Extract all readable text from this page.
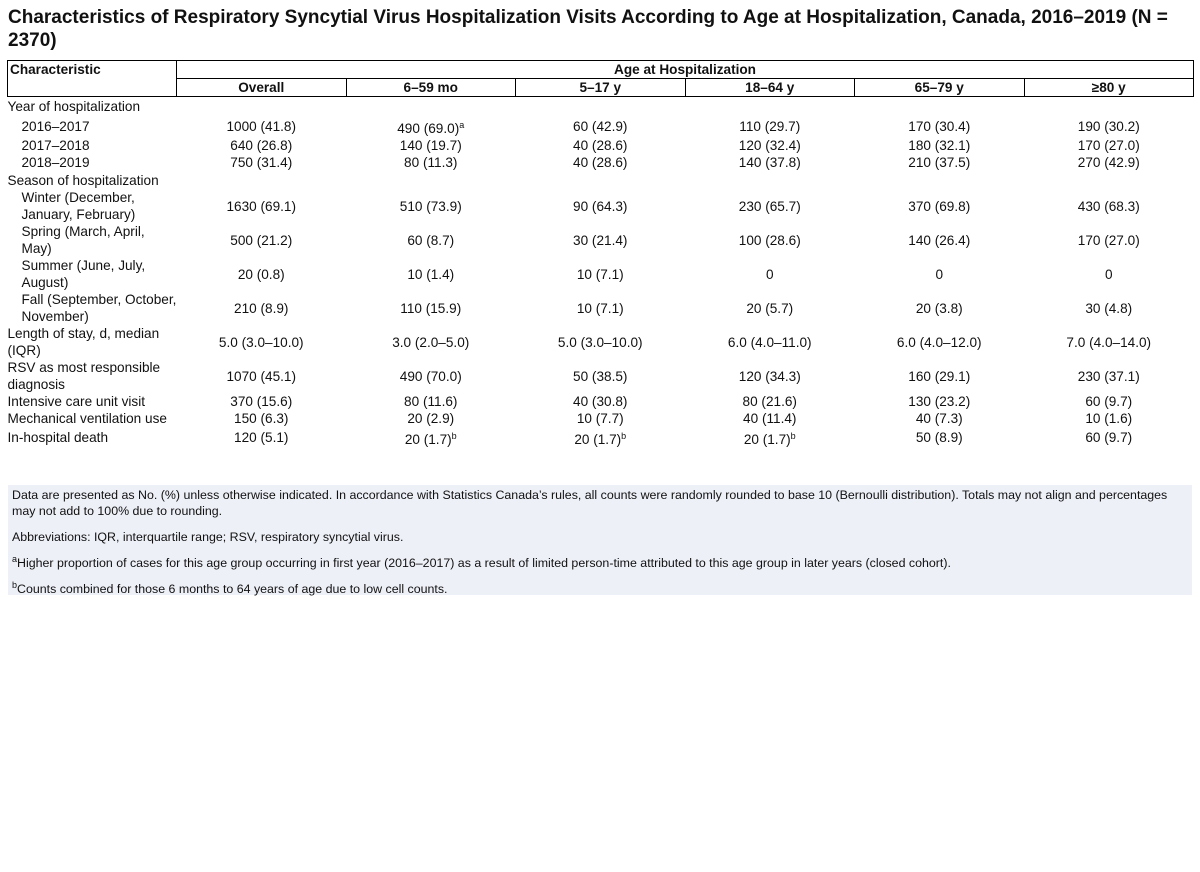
Characteristics of Respiratory Syncytial Virus Hospitalization Visits According to Age at Hospitalization, Canada, 2016–2019 (N = 2370)
Characteristic	Age at Hospitalization					
	Overall	6–59 mo	5–17 y	18–64 y	65–79 y	≥80 y
Year of hospitalization						
2016–2017	1000 (41.8)	490 $(69.0)^a$	60 (42.9)	110 (29.7)	170 (30.4)	190 (30.2)
2017–2018	640 (26.8)	140 (19.7)	40 (28.6)	120 (32.4)	180 (32.1)	170 (27.0)
2018–2019	750 (31.4)	80 (11.3)	40 (28.6)	140 (37.8)	210 (37.5)	270 (42.9)
Season of hospitalization						

Winter (December, January, February)	1630 (69.1)	510 (73.9)	90 (64.3)	230 (65.7)	370 (69.8)	430 (68.3)

Spring (March, April, May)	500 (21.2)	60 (8.7)	30 (21.4)	100 (28.6)	140 (26.4)	170 (27.0)

Summer (June, July, August)	20 (0.8)	10 (1.4)	10 (7.1)	0	0	0

Fall (September, October, November)	210 (8.9)	110 (15.9)	10 (7.1)	20 (5.7)	20 (3.8)	30 (4.8)
Length of stay, d, median (IQR)	5.0 (3.0–10.0)	3.0 (2.0–5.0)	5.0 (3.0–10.0)	6.0 (4.0–11.0)	6.0 (4.0–12.0)	7.0 (4.0–14.0)
RSV as most responsible diagnosis	1070 (45.1)	490 (70.0)	50 (38.5)	120 (34.3)	160 (29.1)	230 (37.1)
Intensive care unit visit	370 (15.6)	80 (11.6)	40 (30.8)	80 (21.6)	130 (23.2)	60 (9.7)
Mechanical ventilation use	150 (6.3)	20 (2.9)	10 (7.7)	40 (11.4)	40 (7.3)	10 (1.6)
In-hospital death	120 (5.1)	20 $(1.7)^b$	20 $(1.7)^b$	20 $(1.7)^b$	50 (8.9)	60 (9.7)

Data are presented as No. (%) unless otherwise indicated. In accordance with Statistics Canada’s rules, all counts were randomly rounded to base 10 (Bernoulli distribution). Totals may not align and percentages may not add to 100% due to rounding.

Abbreviations: IQR, interquartile range; RSV, respiratory syncytial virus.

$^a$Higher proportion of cases for this age group occurring in first year (2016–2017) as a result of limited person-time attributed to this age group in later years (closed cohort).

$^b$Counts combined for those 6 months to 64 years of age due to low cell counts.
